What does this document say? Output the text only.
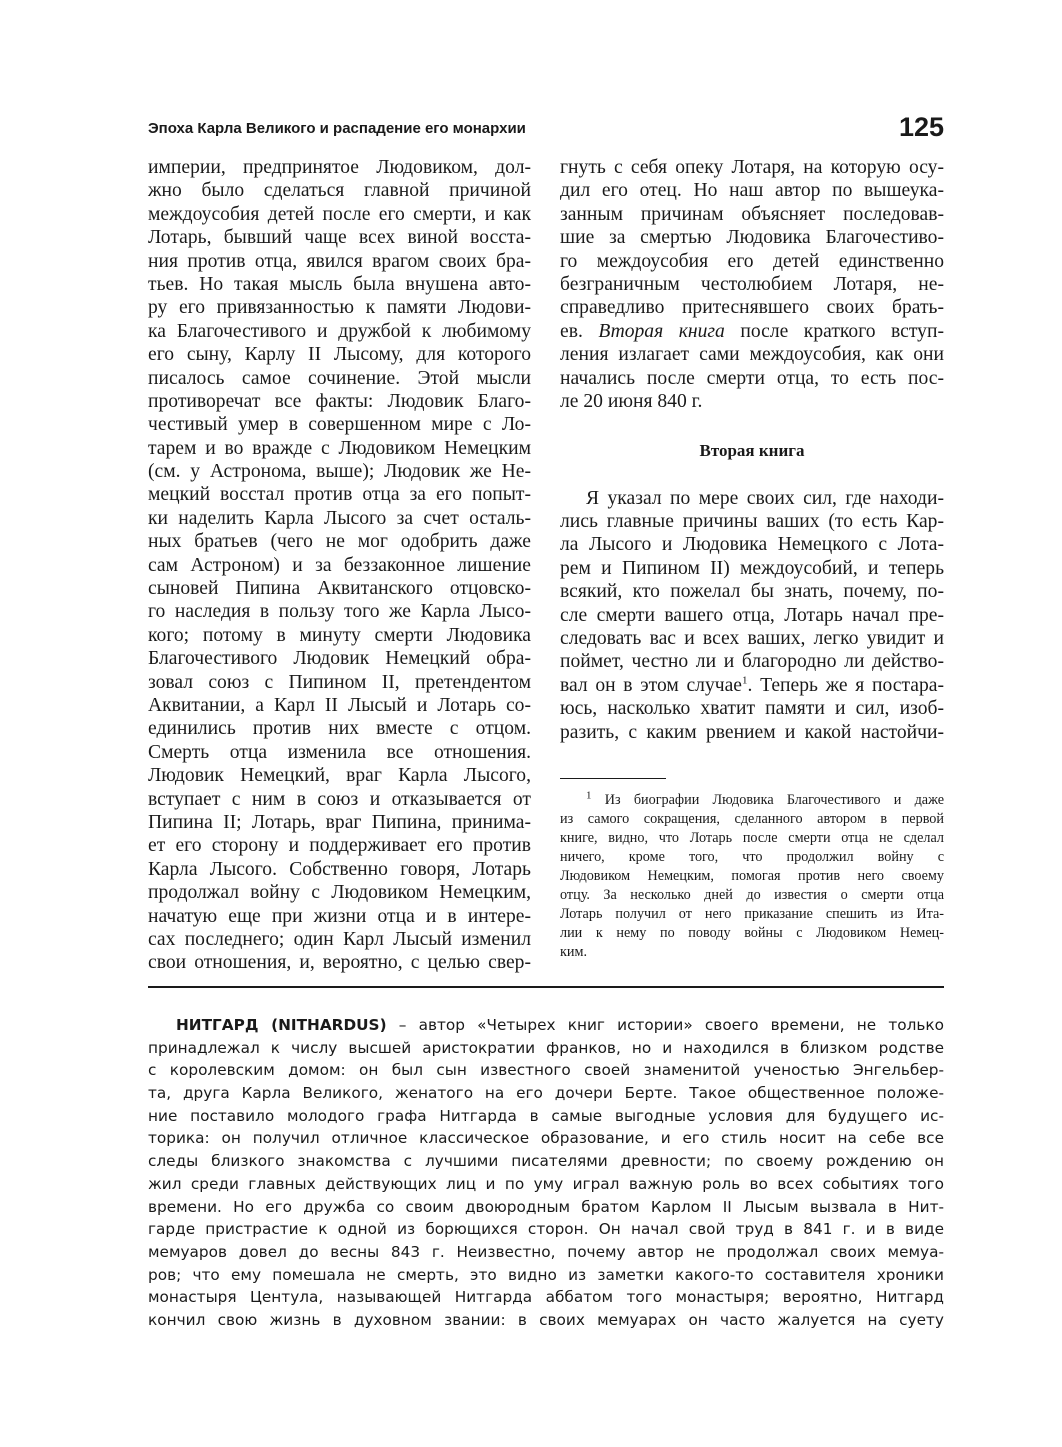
Эпоха Карла Великого и распадение его монархии	125
империи, предпринятое Людовиком, дол-
жно было сделаться главной причиной
междоусобия детей после его смерти, и как
Лотарь, бывший чаще всех виной восста-
ния против отца, явился врагом своих бра-
тьев. Но такая мысль была внушена авто-
ру его привязанностью к памяти Людови-
ка Благочестивого и дружбой к любимому
его сыну, Карлу II Лысому, для которого
писалось самое сочинение. Этой мысли
противоречат все факты: Людовик Благо-
честивый умер в совершенном мире с Ло-
тарем и во вражде с Людовиком Немецким
(см. у Астронома, выше); Людовик же Не-
мецкий восстал против отца за его попыт-
ки наделить Карла Лысого за счет осталь-
ных братьев (чего не мог одобрить даже
сам Астроном) и за беззаконное лишение
сыновей Пипина Аквитанского отцовско-
го наследия в пользу того же Карла Лысо-
кого; потому в минуту смерти Людовика
Благочестивого Людовик Немецкий обра-
зовал союз с Пипином II, претендентом
Аквитании, а Карл II Лысый и Лотарь со-
единились против них вместе с отцом.
Смерть отца изменила все отношения.
Людовик Немецкий, враг Карла Лысого,
вступает с ним в союз и отказывается от
Пипина II; Лотарь, враг Пипина, принима-
ет его сторону и поддерживает его против
Карла Лысого. Собственно говоря, Лотарь
продолжал войну с Людовиком Немецким,
начатую еще при жизни отца и в интере-
сах последнего; один Карл Лысый изменил
свои отношения, и, вероятно, с целью свер-
гнуть с себя опеку Лотаря, на которую осу-
дил его отец. Но наш автор по вышеука-
занным причинам объясняет последовав-
шие за смертью Людовика Благочестиво-
го междоусобия его детей единственно
безграничным честолюбием Лотаря, не-
справедливо притеснявшего своих брать-
ев. Вторая книга после краткого вступ-
ления излагает сами междоусобия, как они
начались после смерти отца, то есть пос-
ле 20 июня 840 г.
Вторая книга
Я указал по мере своих сил, где находи-
лись главные причины ваших (то есть Кар-
ла Лысого и Людовика Немецкого с Лота-
рем и Пипином II) междоусобий, и теперь
всякий, кто пожелал бы знать, почему, по-
сле смерти вашего отца, Лотарь начал пре-
следовать вас и всех ваших, легко увидит и
поймет, честно ли и благородно ли действо-
вал он в этом случае$^1$. Теперь же я постара-
юсь, насколько хватит памяти и сил, изоб-
разить, с каким рвением и какой настойчи-
$^1$ Из биографии Людовика Благочестивого и даже
из самого сокращения, сделанного автором в первой
книге, видно, что Лотарь после смерти отца не сделал
ничего, кроме того, что продолжил войну с
Людовиком Немецким, помогая против него своему
отцу. За несколько дней до известия о смерти отца
Лотарь получил от него приказание спешить из Ита-
лии к нему по поводу войны с Людовиком Немец-
ким.
НИТГАРД (NITHARDUS) – автор «Четырех книг истории» своего времени, не только
принадлежал к числу высшей аристократии франков, но и находился в близком родстве
с королевским домом: он был сын известного своей знаменитой ученостью Энгельбер-
та, друга Карла Великого, женатого на его дочери Берте. Такое общественное положе-
ние поставило молодого графа Нитгарда в самые выгодные условия для будущего ис-
торика: он получил отличное классическое образование, и его стиль носит на себе все
следы близкого знакомства с лучшими писателями древности; по своему рождению он
жил среди главных действующих лиц и по уму играл важную роль во всех событиях того
времени. Но его дружба со своим двоюродным братом Карлом II Лысым вызвала в Нит-
гарде пристрастие к одной из борющихся сторон. Он начал свой труд в 841 г. и в виде
мемуаров довел до весны 843 г. Неизвестно, почему автор не продолжал своих мемуа-
ров; что ему помешала не смерть, это видно из заметки какого-то составителя хроники
монастыря Центула, называющей Нитгарда аббатом того монастыря; вероятно, Нитгард
кончил свою жизнь в духовном звании: в своих мемуарах он часто жалуется на суету
